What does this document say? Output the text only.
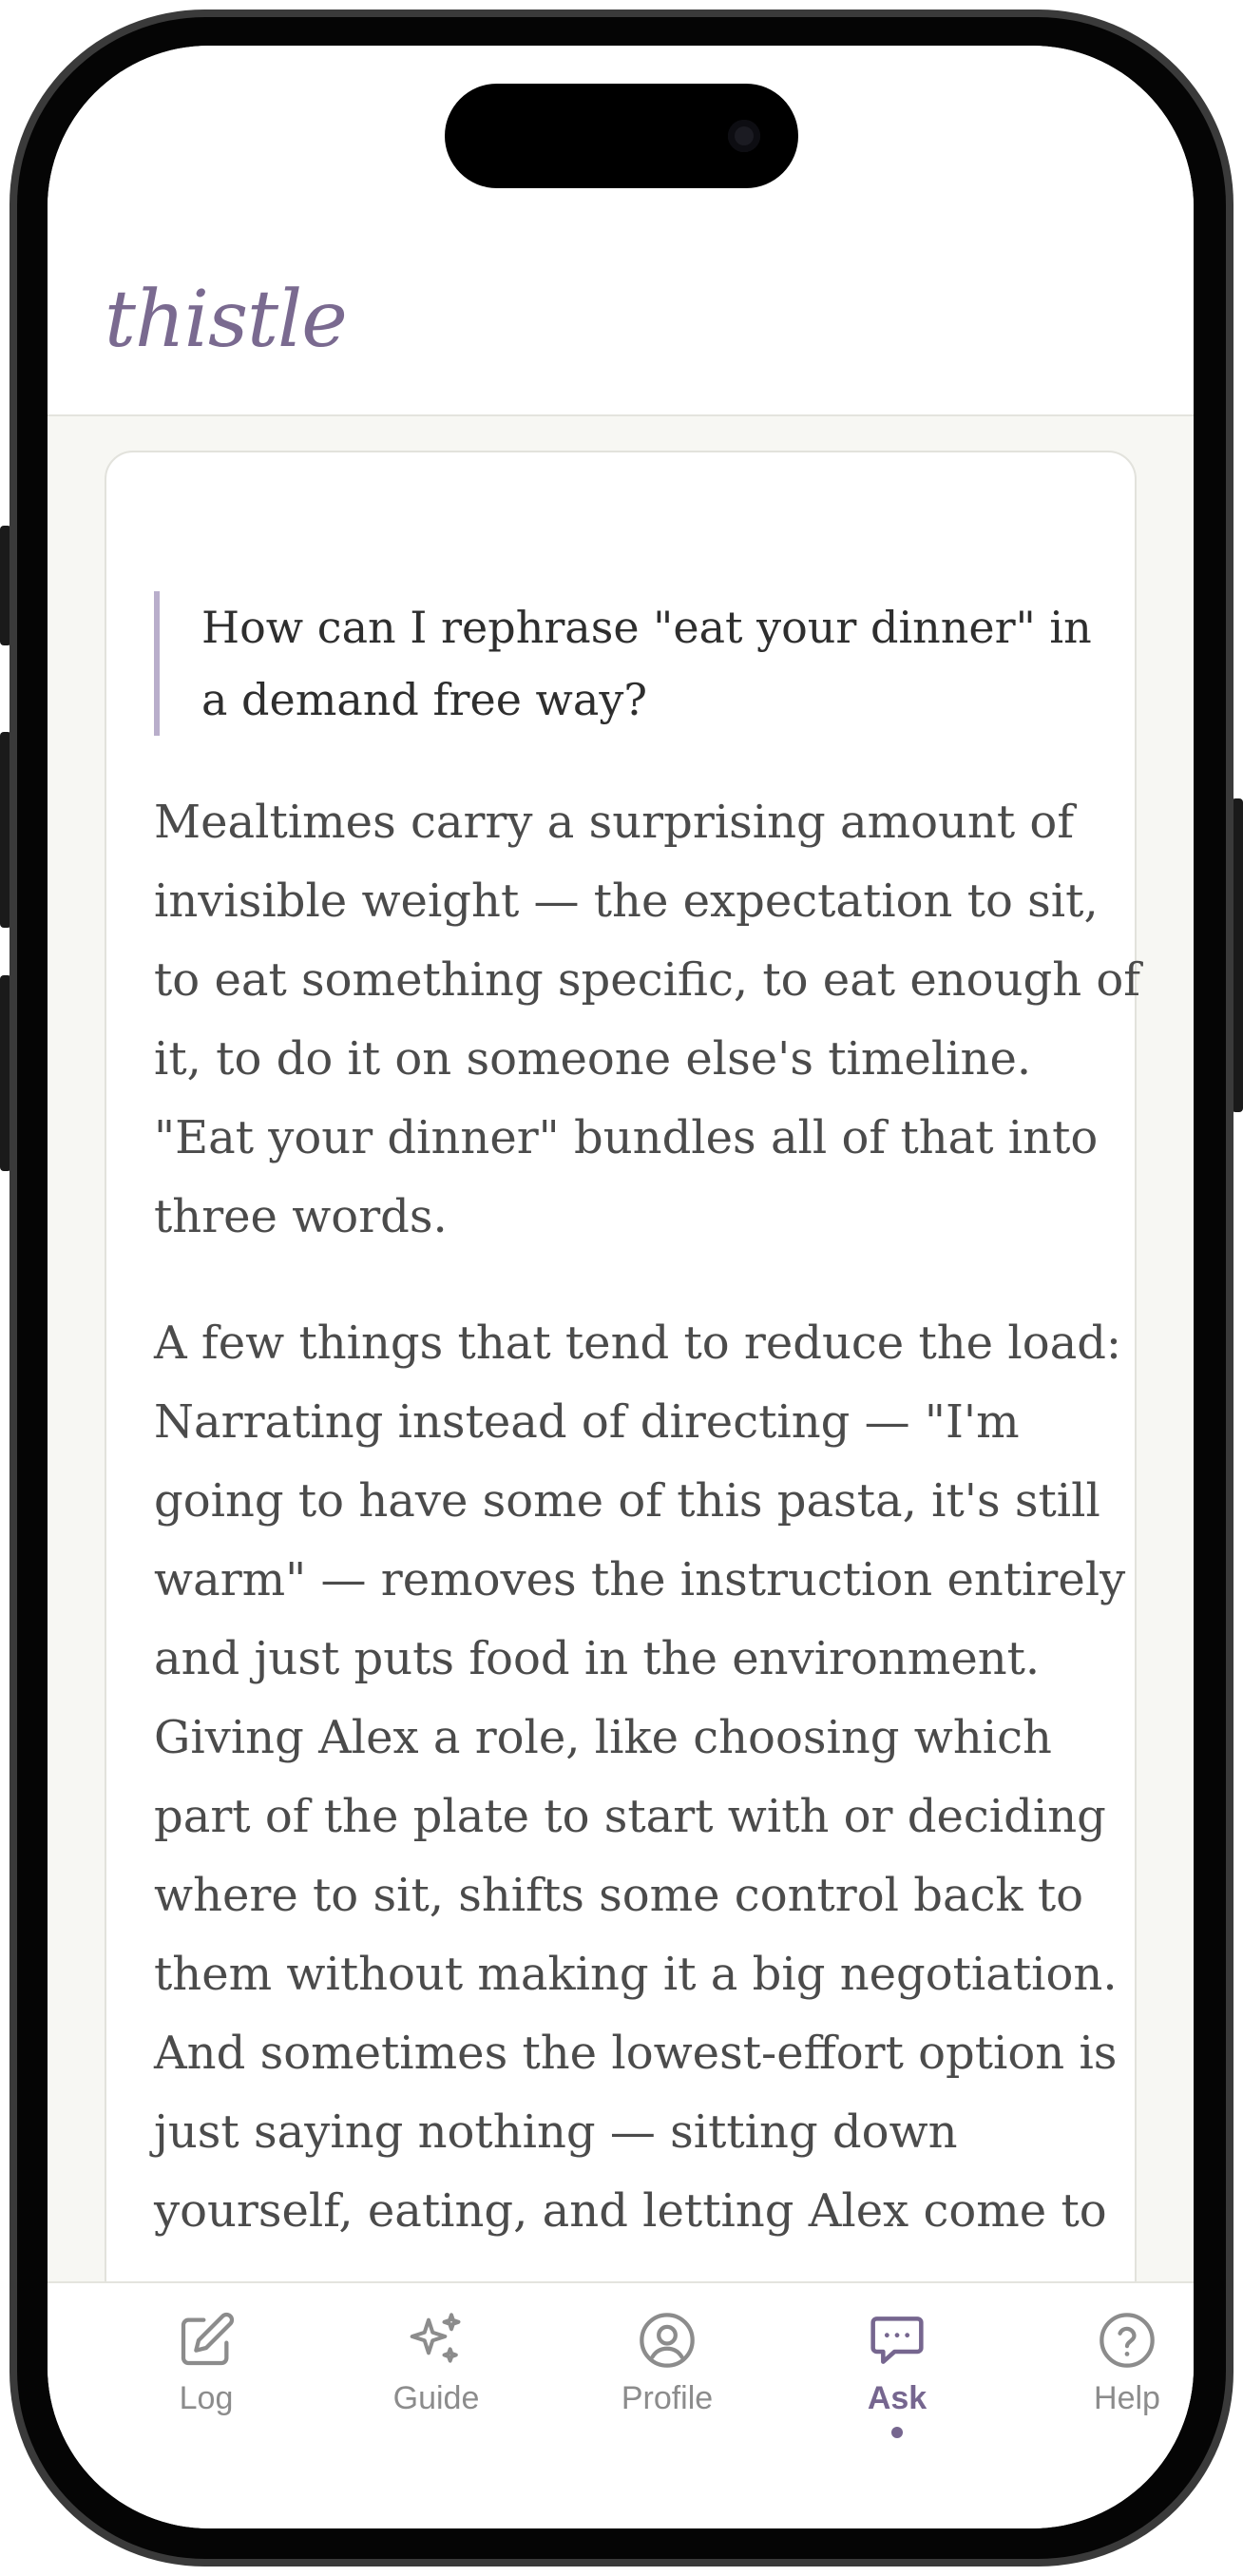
thistle
How can I rephrase "eat your dinner" in a demand free way?

Mealtimes carry a surprising amount of

invisible weight — the expectation to sit,

to eat something specific, to eat enough of

it, to do it on someone else's timeline.

"Eat your dinner" bundles all of that into

three words.

A few things that tend to reduce the load:

Narrating instead of directing — "I'm

going to have some of this pasta, it's still

warm" — removes the instruction entirely

and just puts food in the environment.

Giving Alex a role, like choosing which

part of the plate to start with or deciding

where to sit, shifts some control back to

them without making it a big negotiation.

And sometimes the lowest-effort option is

just saying nothing — sitting down

yourself, eating, and letting Alex come to

Log	Guide	Profile	Ask	Help
